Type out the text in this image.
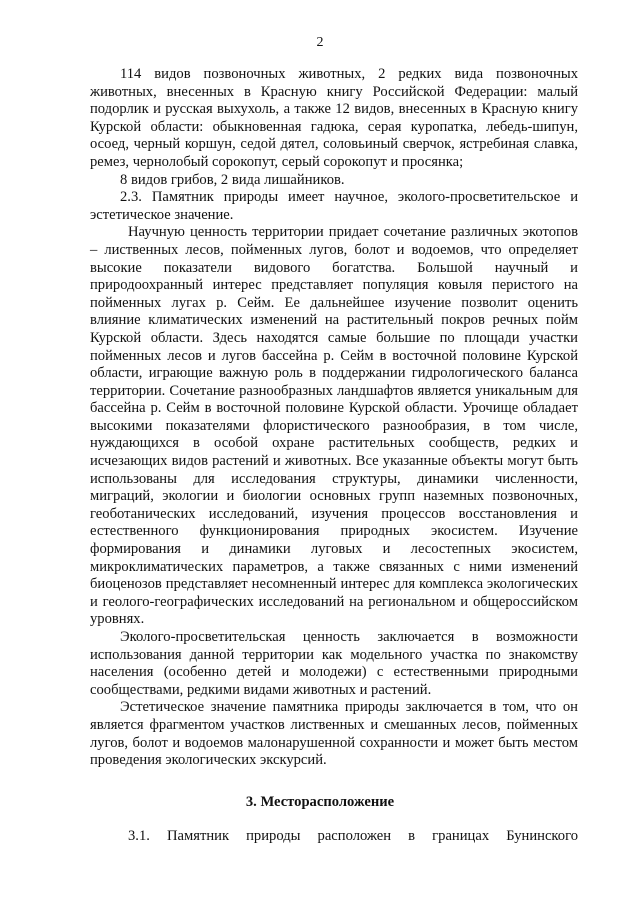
2

114 видов позвоночных животных, 2 редких вида позвоночных животных, внесенных в Красную книгу Российской Федерации: малый подорлик и русская выхухоль, а также 12 видов, внесенных в Красную книгу Курской области: обыкновенная гадюка, серая куропатка, лебедь-шипун, осоед, черный коршун, седой дятел, соловьиный сверчок, ястребиная славка, ремез, чернолобый сорокопут, серый сорокопут и просянка;

8 видов грибов, 2 вида лишайников.

2.3. Памятник природы имеет научное, эколого-просветительское и эстетическое значение.

Научную ценность территории придает сочетание различных экотопов – лиственных лесов, пойменных лугов, болот и водоемов, что определяет высокие показатели видового богатства. Большой научный и природоохранный интерес представляет популяция ковыля перистого на пойменных лугах р. Сейм. Ее дальнейшее изучение позволит оценить влияние климатических изменений на растительный покров речных пойм Курской области. Здесь находятся самые большие по площади участки пойменных лесов и лугов бассейна р. Сейм в восточной половине Курской области, играющие важную роль в поддержании гидрологического баланса территории. Сочетание разнообразных ландшафтов является уникальным для бассейна р. Сейм в восточной половине Курской области. Урочище обладает высокими показателями флористического разнообразия, в том числе, нуждающихся в особой охране растительных сообществ, редких и исчезающих видов растений и животных. Все указанные объекты могут быть использованы для исследования структуры, динамики численности, миграций, экологии и биологии основных групп наземных позвоночных, геоботанических исследований, изучения процессов восстановления и естественного функционирования природных экосистем. Изучение формирования и динамики луговых и лесостепных экосистем, микроклиматических параметров, а также связанных с ними изменений биоценозов представляет несомненный интерес для комплекса экологических и геолого-географических исследований на региональном и общероссийском уровнях.

Эколого-просветительская ценность заключается в возможности использования данной территории как модельного участка по знакомству населения (особенно детей и молодежи) с естественными природными сообществами, редкими видами животных и растений.

Эстетическое значение памятника природы заключается в том, что он является фрагментом участков лиственных и смешанных лесов, пойменных лугов, болот и водоемов малонарушенной сохранности и может быть местом проведения экологических экскурсий.

3. Месторасположение
3.1. Памятник природы расположен в границах Бунинского
